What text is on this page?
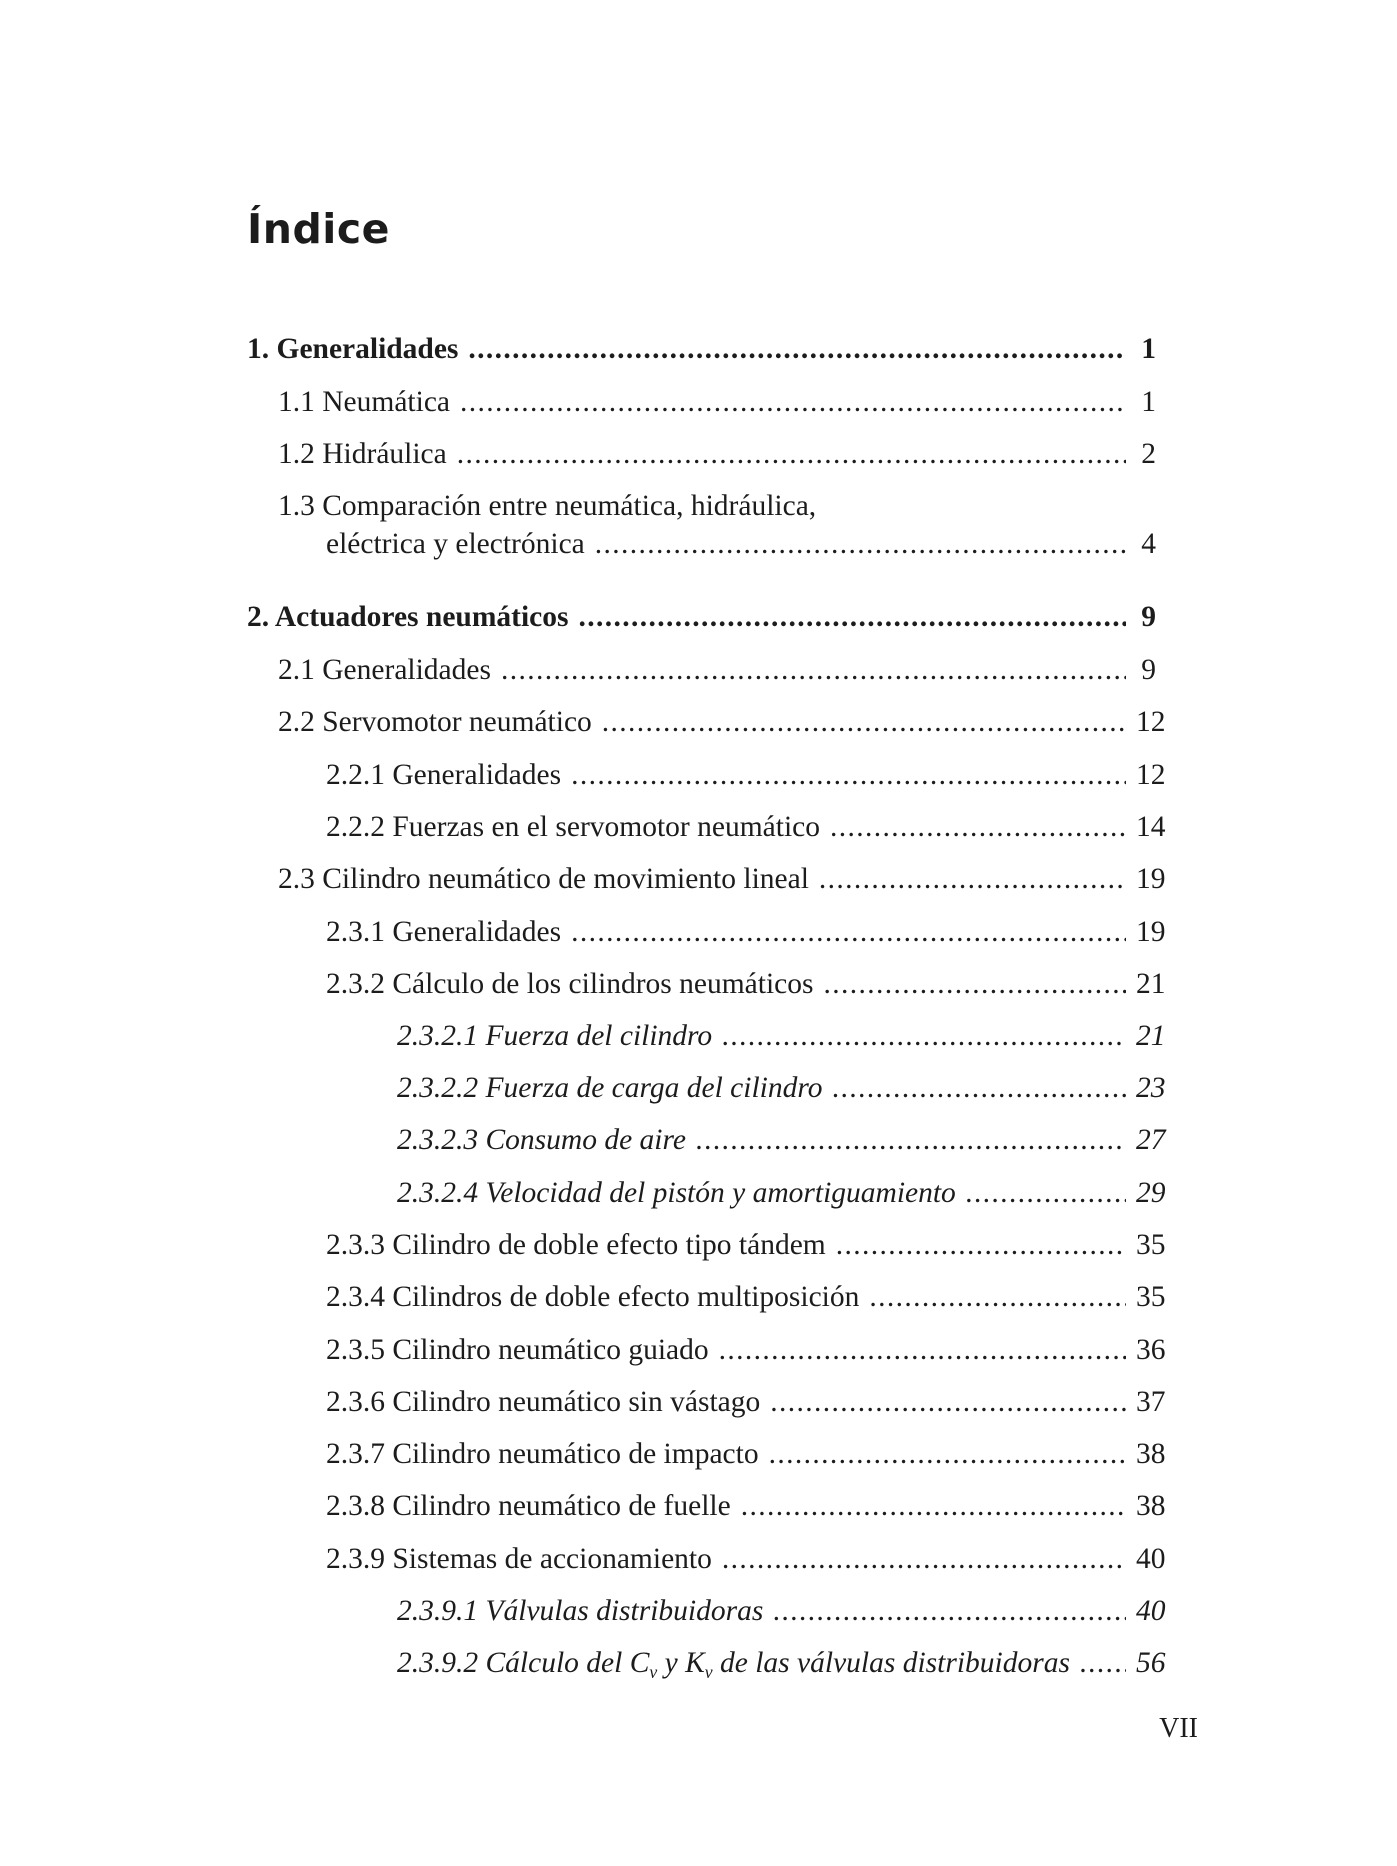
Índice
1. Generalidades . . .	1
1.1 Neumática . . .	1
1.2 Hidráulica . . .	2
1.3 Comparación entre neumática, hidráulica,
eléctrica y electrónica . . .	4
2. Actuadores neumáticos . . .	9
2.1 Generalidades . . .	9
2.2 Servomotor neumático . . .	12
2.2.1 Generalidades . . .	12
2.2.2 Fuerzas en el servomotor neumático . . .	14
2.3 Cilindro neumático de movimiento lineal . . .	19
2.3.1 Generalidades . . .	19
2.3.2 Cálculo de los cilindros neumáticos . . .	21
2.3.2.1 Fuerza del cilindro . . .	21
2.3.2.2 Fuerza de carga del cilindro . . .	23
2.3.2.3 Consumo de aire . . .	27
2.3.2.4 Velocidad del pistón y amortiguamiento . . .	29
2.3.3 Cilindro de doble efecto tipo tándem . . .	35
2.3.4 Cilindros de doble efecto multiposición . . .	35
2.3.5 Cilindro neumático guiado . . .	36
2.3.6 Cilindro neumático sin vástago . . .	37
2.3.7 Cilindro neumático de impacto . . .	38
2.3.8 Cilindro neumático de fuelle . . .	38
2.3.9 Sistemas de accionamiento . . .	40
2.3.9.1 Válvulas distribuidoras . . .	40
2.3.9.2 Cálculo del $C_v$ y $K_v$ de las válvulas distribuidoras . . . 56
VII
